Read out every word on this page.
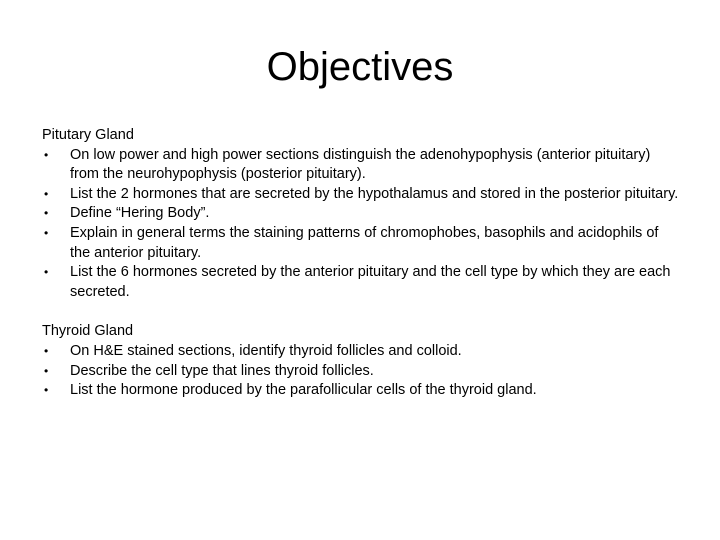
Objectives

Pitutary Gland

• On low power and high power sections distinguish the adenohypophysis (anterior pituitary) from the neurohypophysis (posterior pituitary).
• List the 2 hormones that are secreted by the hypothalamus and stored in the posterior pituitary.
• Define “Hering Body”.
• Explain in general terms the staining patterns of chromophobes, basophils and acidophils of the anterior pituitary.
• List the 6 hormones secreted by the anterior pituitary and the cell type by which they are each secreted.

Thyroid Gland

• On H&E stained sections, identify thyroid follicles and colloid.
• Describe the cell type that lines thyroid follicles.
• List the hormone produced by the parafollicular cells of the thyroid gland.
